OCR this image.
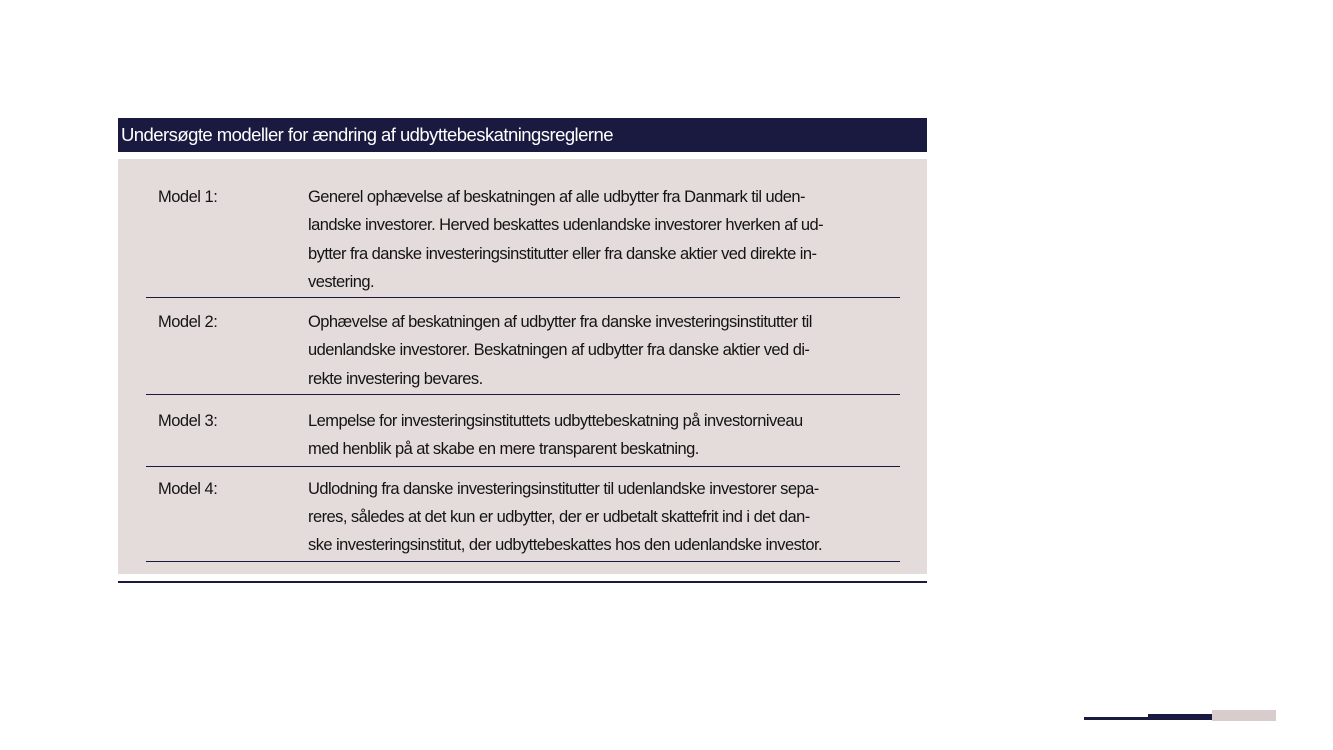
Undersøgte modeller for ændring af udbyttebeskatningsreglerne
Model 1:	Generel ophævelse af beskatningen af alle udbytter fra Danmark til uden-
landske investorer. Herved beskattes udenlandske investorer hverken af ud-
bytter fra danske investeringsinstitutter eller fra danske aktier ved direkte in-
vestering.
Model 2:	Ophævelse af beskatningen af udbytter fra danske investeringsinstitutter til
udenlandske investorer. Beskatningen af udbytter fra danske aktier ved di-
rekte investering bevares.
Model 3:	Lempelse for investeringsinstituttets udbyttebeskatning på investorniveau
med henblik på at skabe en mere transparent beskatning.
Model 4:	Udlodning fra danske investeringsinstitutter til udenlandske investorer sepa-
reres, således at det kun er udbytter, der er udbetalt skattefrit ind i det dan-
ske investeringsinstitut, der udbyttebeskattes hos den udenlandske investor.
